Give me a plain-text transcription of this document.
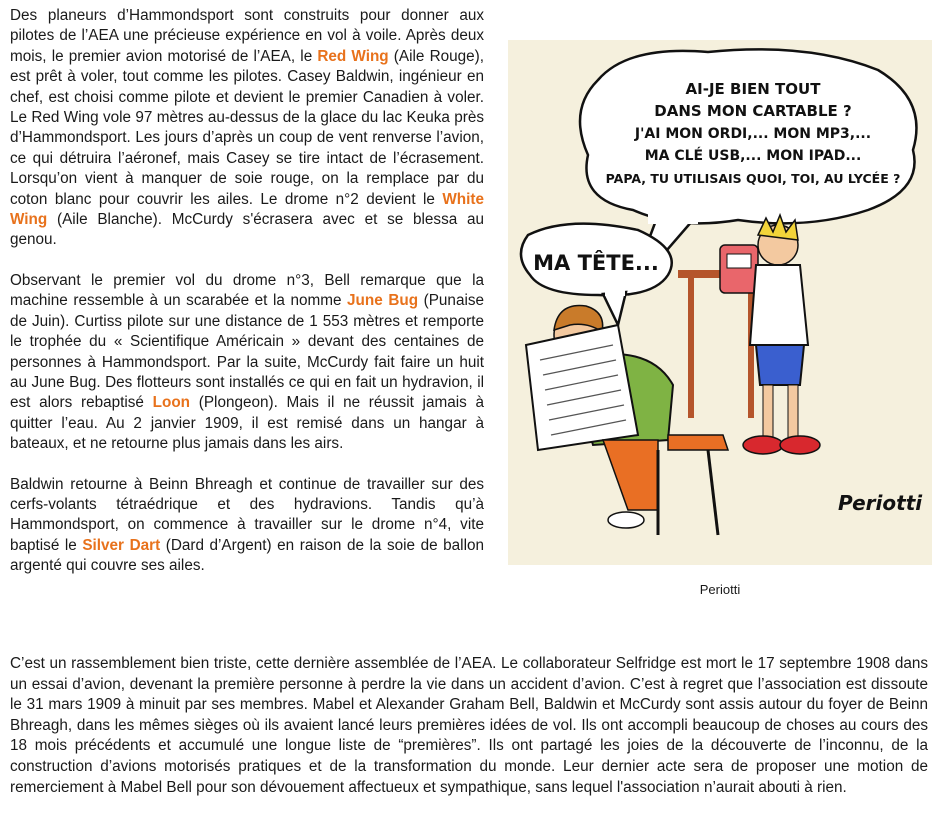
Des planeurs d’Hammondsport sont construits pour donner aux pilotes de l’AEA une précieuse expérience en vol à voile. Après deux mois, le premier avion motorisé de l’AEA, le Red Wing (Aile Rouge), est prêt à voler, tout comme les pilotes. Casey Baldwin, ingénieur en chef, est choisi comme pilote et devient le premier Canadien à voler. Le Red Wing vole 97 mètres au-dessus de la glace du lac Keuka près d’Hammondsport. Les jours d’après un coup de vent renverse l’avion, ce qui détruira l’aéronef, mais Casey se tire intact de l’écrasement. Lorsqu’on vient à manquer de soie rouge, on la remplace par du coton blanc pour couvrir les ailes. Le drome n°2 devient le White Wing (Aile Blanche). McCurdy s'écrasera avec et se blessa au genou.

Observant le premier vol du drome n°3, Bell remarque que la machine ressemble à un scarabée et la nomme June Bug (Punaise de Juin). Curtiss pilote sur une distance de 1 553 mètres et remporte le trophée du « Scientifique Américain » devant des centaines de personnes à Hammondsport. Par la suite, McCurdy fait faire un huit au June Bug. Des flotteurs sont installés ce qui en fait un hydravion, il est alors rebaptisé Loon (Plongeon). Mais il ne réussit jamais à quitter l’eau. Au 2 janvier 1909, il est remisé dans un hangar à bateaux, et ne retourne plus jamais dans les airs.

Baldwin retourne à Beinn Bhreagh et continue de travailler sur des cerfs-volants tétraédrique et des hydravions. Tandis qu’à Hammondsport, on commence à travailler sur le drome n°4, vite baptisé le Silver Dart (Dard d’Argent) en raison de la soie de ballon argenté qui couvre ses ailes.

AI-JE BIEN TOUT
DANS MON CARTABLE ?
J'AI MON ORDI,... MON MP3,...
MA CLÉ USB,... MON IPAD...
PAPA, TU UTILISAIS QUOI, TOI, AU LYCÉE ?
MA TÊTE...
Periotti
Periotti

C’est un rassemblement bien triste, cette dernière assemblée de l’AEA. Le collaborateur Selfridge est mort le 17 septembre 1908 dans un essai d’avion, devenant la première personne à perdre la vie dans un accident d’avion. C’est à regret que l’association est dissoute le 31 mars 1909 à minuit par ses membres. Mabel et Alexander Graham Bell, Baldwin et McCurdy sont assis autour du foyer de Beinn Bhreagh, dans les mêmes sièges où ils avaient lancé leurs premières idées de vol. Ils ont accompli beaucoup de choses au cours des 18 mois précédents et accumulé une longue liste de “premières”. Ils ont partagé les joies de la découverte de l’inconnu, de la construction d’avions motorisés pratiques et de la transformation du monde. Leur dernier acte sera de proposer une motion de remerciement à Mabel Bell pour son dévouement affectueux et sympathique, sans lequel l'association n’aurait abouti à rien.
